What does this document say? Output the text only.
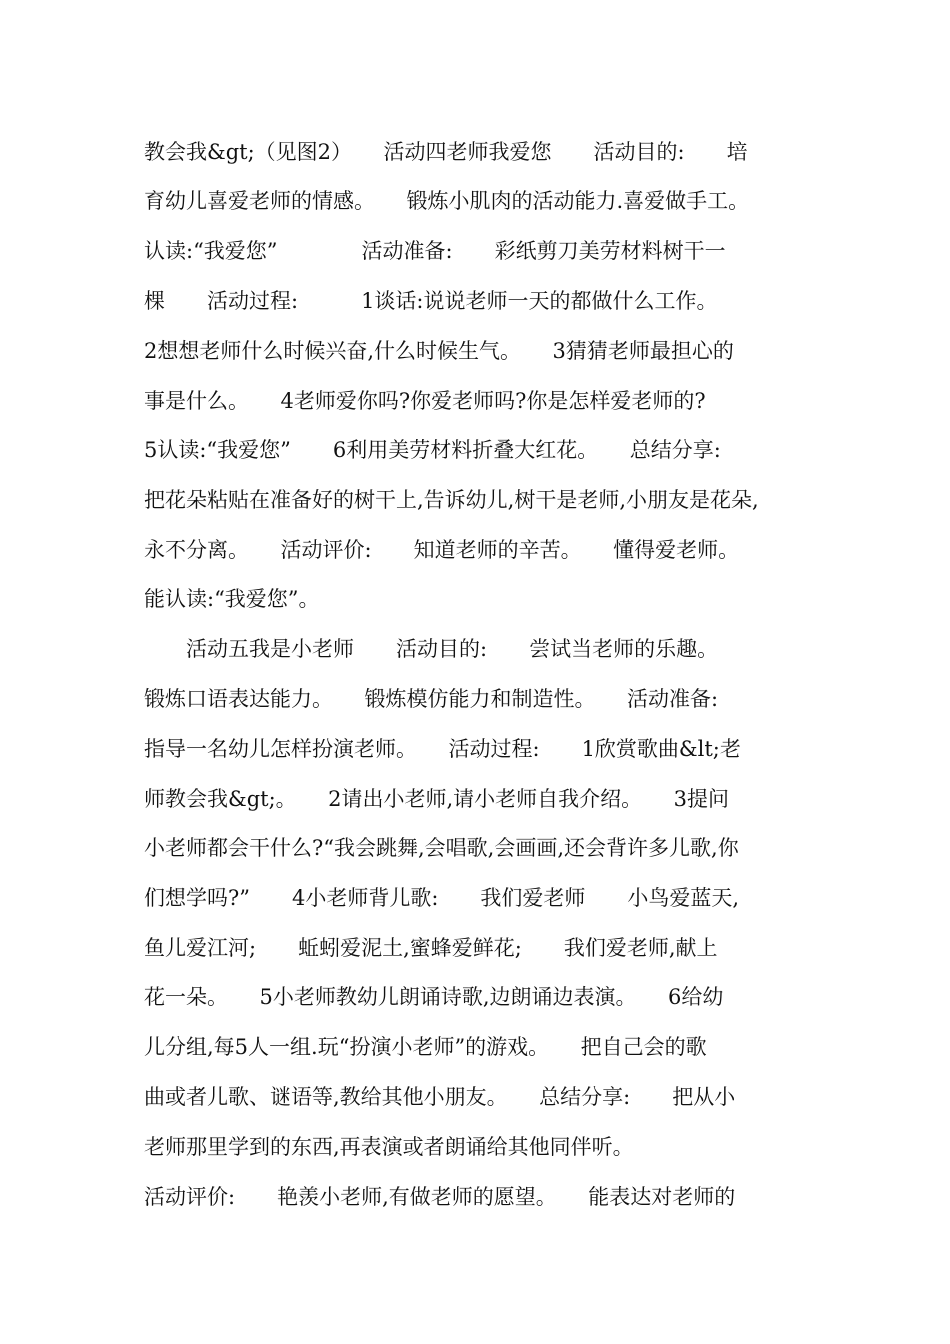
教会我&gt;（见图2）　　活动四老师我爱您　　活动目的:　　培
育幼儿喜爱老师的情感。　　锻炼小肌肉的活动能力.喜爱做手工。
认读:“我爱您”　　　　活动准备:　　彩纸剪刀美劳材料树干一
棵　　活动过程:　　　1谈话:说说老师一天的都做什么工作。
2想想老师什么时候兴奋,什么时候生气。　　3猜猜老师最担心的
事是什么。　　4老师爱你吗?你爱老师吗?你是怎样爱老师的?
5认读:“我爱您”　　6利用美劳材料折叠大红花。　　总结分享:
把花朵粘贴在准备好的树干上,告诉幼儿,树干是老师,小朋友是花朵,
永不分离。　　活动评价:　　知道老师的辛苦。　　懂得爱老师。
能认读:“我爱您”。
　　活动五我是小老师　　活动目的:　　尝试当老师的乐趣。
锻炼口语表达能力。　　锻炼模仿能力和制造性。　　活动准备:
指导一名幼儿怎样扮演老师。　　活动过程:　　1欣赏歌曲&lt;老
师教会我&gt;。　　2请出小老师,请小老师自我介绍。　　3提问
小老师都会干什么?“我会跳舞,会唱歌,会画画,还会背许多儿歌,你
们想学吗?”　　4小老师背儿歌:　　我们爱老师　　小鸟爱蓝天,
鱼儿爱江河;　　蚯蚓爱泥土,蜜蜂爱鲜花;　　我们爱老师,献上
花一朵。　　5小老师教幼儿朗诵诗歌,边朗诵边表演。　　6给幼
儿分组,每5人一组.玩“扮演小老师”的游戏。　　把自己会的歌
曲或者儿歌、谜语等,教给其他小朋友。　　总结分享:　　把从小
老师那里学到的东西,再表演或者朗诵给其他同伴听。
活动评价:　　艳羡小老师,有做老师的愿望。　　能表达对老师的
